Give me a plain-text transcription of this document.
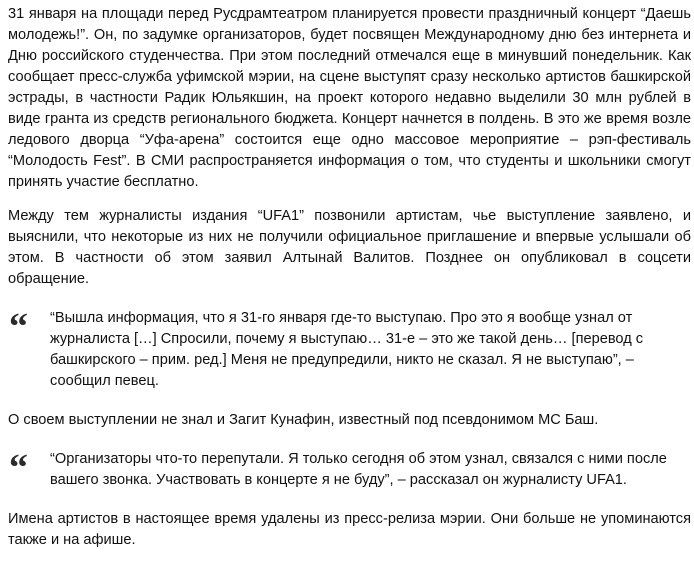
31 января на площади перед Русдрамтеатром планируется провести праздничный концерт “Даешь молодежь!”. Он, по задумке организаторов, будет посвящен Международному дню без интернета и Дню российского студенчества. При этом последний отмечался еще в минувший понедельник. Как сообщает пресс-служба уфимской мэрии, на сцене выступят сразу несколько артистов башкирской эстрады, в частности Радик Юльякшин, на проект которого недавно выделили 30 млн рублей в виде гранта из средств регионального бюджета. Концерт начнется в полдень. В это же время возле ледового дворца “Уфа-арена” состоится еще одно массовое мероприятие – рэп-фестиваль “Молодость Fest”. В СМИ распространяется информация о том, что студенты и школьники смогут принять участие бесплатно.

Между тем журналисты издания “UFA1” позвонили артистам, чье выступление заявлено, и выяснили, что некоторые из них не получили официальное приглашение и впервые услышали об этом. В частности об этом заявил Алтынай Валитов. Позднее он опубликовал в соцсети обращение.

“ “Вышла информация, что я 31-го января где-то выступаю. Про это я вообще узнал от журналиста […] Спросили, почему я выступаю… 31-е – это же такой день… [перевод с башкирского – прим. ред.] Меня не предупредили, никто не сказал. Я не выступаю”, – сообщил певец.

О своем выступлении не знал и Загит Кунафин, известный под псевдонимом МС Баш.

“ “Организаторы что-то перепутали. Я только сегодня об этом узнал, связался с ними после вашего звонка. Участвовать в концерте я не буду”, – рассказал он журналисту UFA1.

Имена артистов в настоящее время удалены из пресс-релиза мэрии. Они больше не упоминаются также и на афише.
